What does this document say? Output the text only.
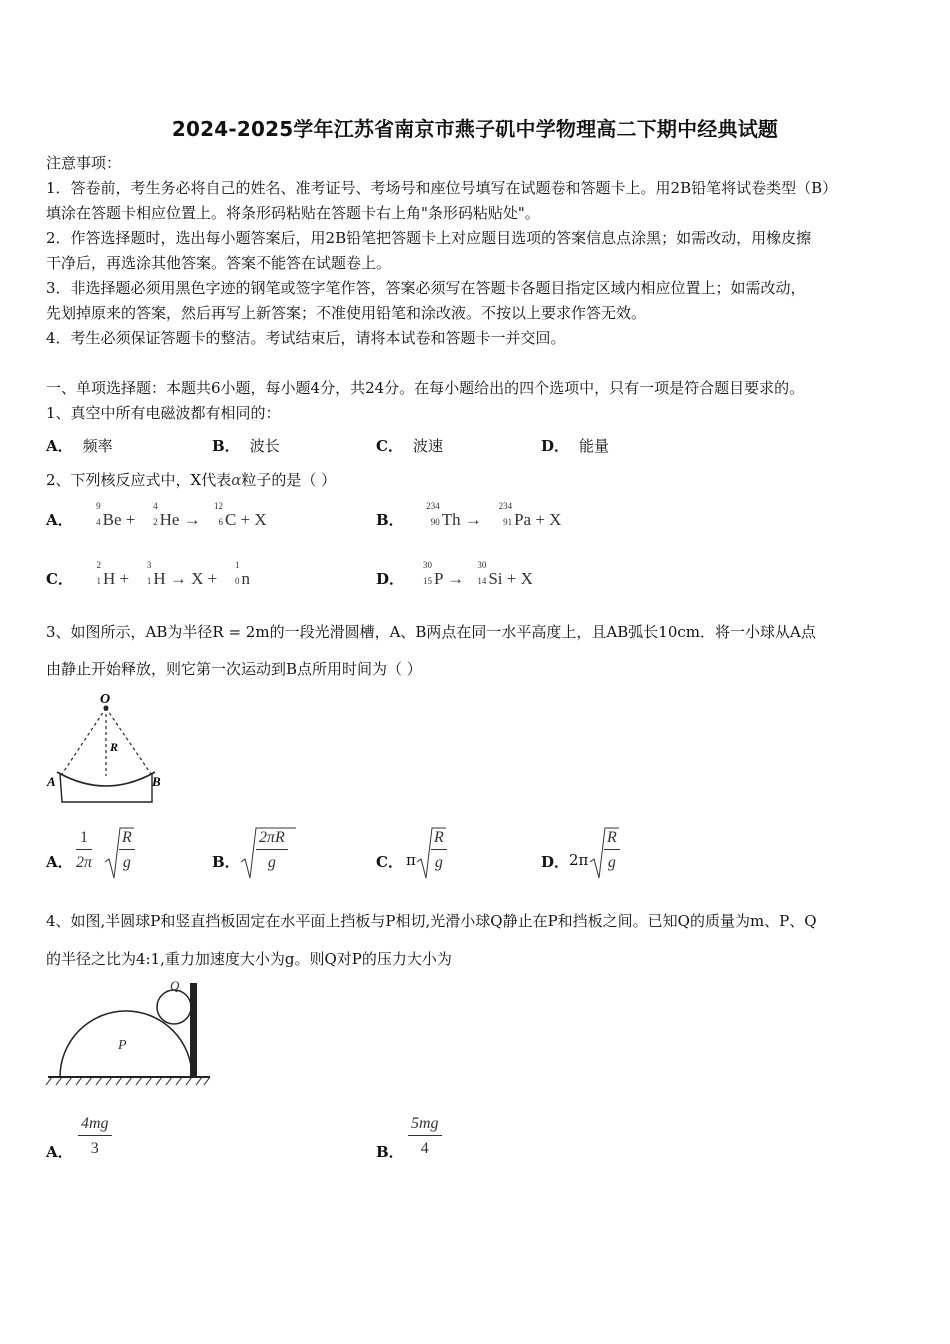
2024-2025学年江苏省南京市燕子矶中学物理高二下期中经典试题
注意事项：
1．答卷前，考生务必将自己的姓名、准考证号、考场号和座位号填写在试题卷和答题卡上。用2B铅笔将试卷类型（B）
填涂在答题卡相应位置上。将条形码粘贴在答题卡右上角"条形码粘贴处"。
2．作答选择题时，选出每小题答案后，用2B铅笔把答题卡上对应题目选项的答案信息点涂黑；如需改动，用橡皮擦
干净后，再选涂其他答案。答案不能答在试题卷上。
3．非选择题必须用黑色字迹的钢笔或签字笔作答，答案必须写在答题卡各题目指定区域内相应位置上；如需改动，
先划掉原来的答案，然后再写上新答案；不准使用铅笔和涂改液。不按以上要求作答无效。
4．考生必须保证答题卡的整洁。考试结束后，请将本试卷和答题卡一并交回。
一、单项选择题：本题共6小题，每小题4分，共24分。在每小题给出的四个选项中，只有一项是符合题目要求的。
1、真空中所有电磁波都有相同的：
A． 频率	B． 波长	C． 波速	D． 能量
2、下列核反应式中，X代表α粒子的是（ ）
A．
9
4 Be +
4
2 He →
12
6 C + X	B．
234
90 Th →
234
91 Pa + X
C．
2
1 H +
3
1 H → X +
1
0 n	D．
30
15 P →
30
14 Si + X
3、如图所示，AB为半径R = 2m的一段光滑圆槽，A、B两点在同一水平高度上，且AB弧长10cm．将一小球从A点
由静止开始释放，则它第一次运动到B点所用时间为（ ）
O
R
A	B
A． $\frac{1}{2\pi} \frac{R}{g}$	B． $\frac{2\pi R}{g}$	C． π $\frac{R}{g}$	D． $2\pi \frac{R}{g}$
4、如图,半圆球P和竖直挡板固定在水平面上挡板与P相切,光滑小球Q静止在P和挡板之间。已知Q的质量为m、P、Q
的半径之比为4:1,重力加速度大小为g。则Q对P的压力大小为
P
Q
A． $\frac{4mg}{3}$	B． $\frac{5mg}{4}$
